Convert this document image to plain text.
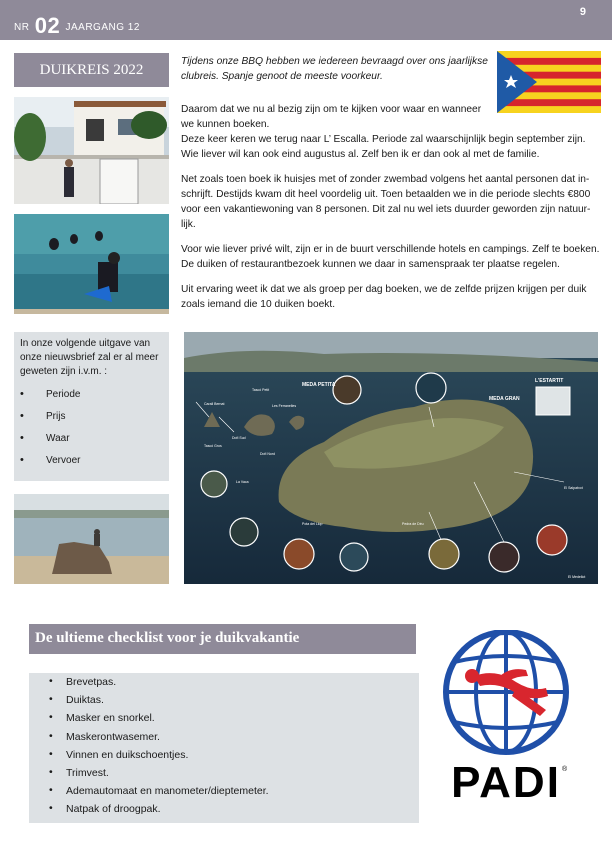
NR 02 JAARGANG 12
9
DUIKREIS 2022

Tijdens onze BBQ hebben we iedereen bevraagd over ons jaarlijkse clubreis. Spanje genoot de meeste voorkeur.

Daarom dat we nu al bezig zijn om te kijken voor waar en wanneer we kunnen boeken.

Deze keer keren we terug naar L’ Escalla. Periode zal waarschijnlijk begin september zijn. Wie liever wil kan ook eind augustus al. Zelf ben ik er dan ook al met de familie.

Net zoals toen boek ik huisjes met of zonder zwembad volgens het aantal personen dat in-schrijft. Destijds kwam dit heel voordelig uit. Toen betaalden we in die periode slechts €800 voor een vakantiewoning van 8 personen. Dit zal nu wel iets duurder geworden zijn natuur-lijk.

Voor wie liever privé wilt, zijn er in de buurt verschillende hotels en campings. Zelf te boeken. De duiken of restaurantbezoek kunnen we daar in samenspraak ter plaatse regelen.

Uit ervaring weet ik dat we als groep per dag boeken, we de zelfde prijzen krijgen per duik zoals iemand die 10 duiken boekt.

In onze volgende uitgave van onze nieuwsbrief zal er al meer geweten zijn i.v.m. :
• Periode
• Prijs
• Waar
• Vervoer
MEDA PETITA
MEDA GRAN
L'ESTARTIT
Carall Bernat
Tascó Petit
Les Ferranelles
Tascó Gros
Dofí Sud
Dofí Nord
La Vaca
Pota del Llop	Pedra de Déu
El Salpatxot
El Medellot
De ultieme checklist voor je duikvakantie
• Brevetpas.
• Duiktas.
• Masker en snorkel.
• Maskerontwasemer.
• Vinnen en duikschoentjes.
• Trimvest.
• Ademautomaat en manometer/dieptemeter.
• Natpak of droogpak.
PADI ®
